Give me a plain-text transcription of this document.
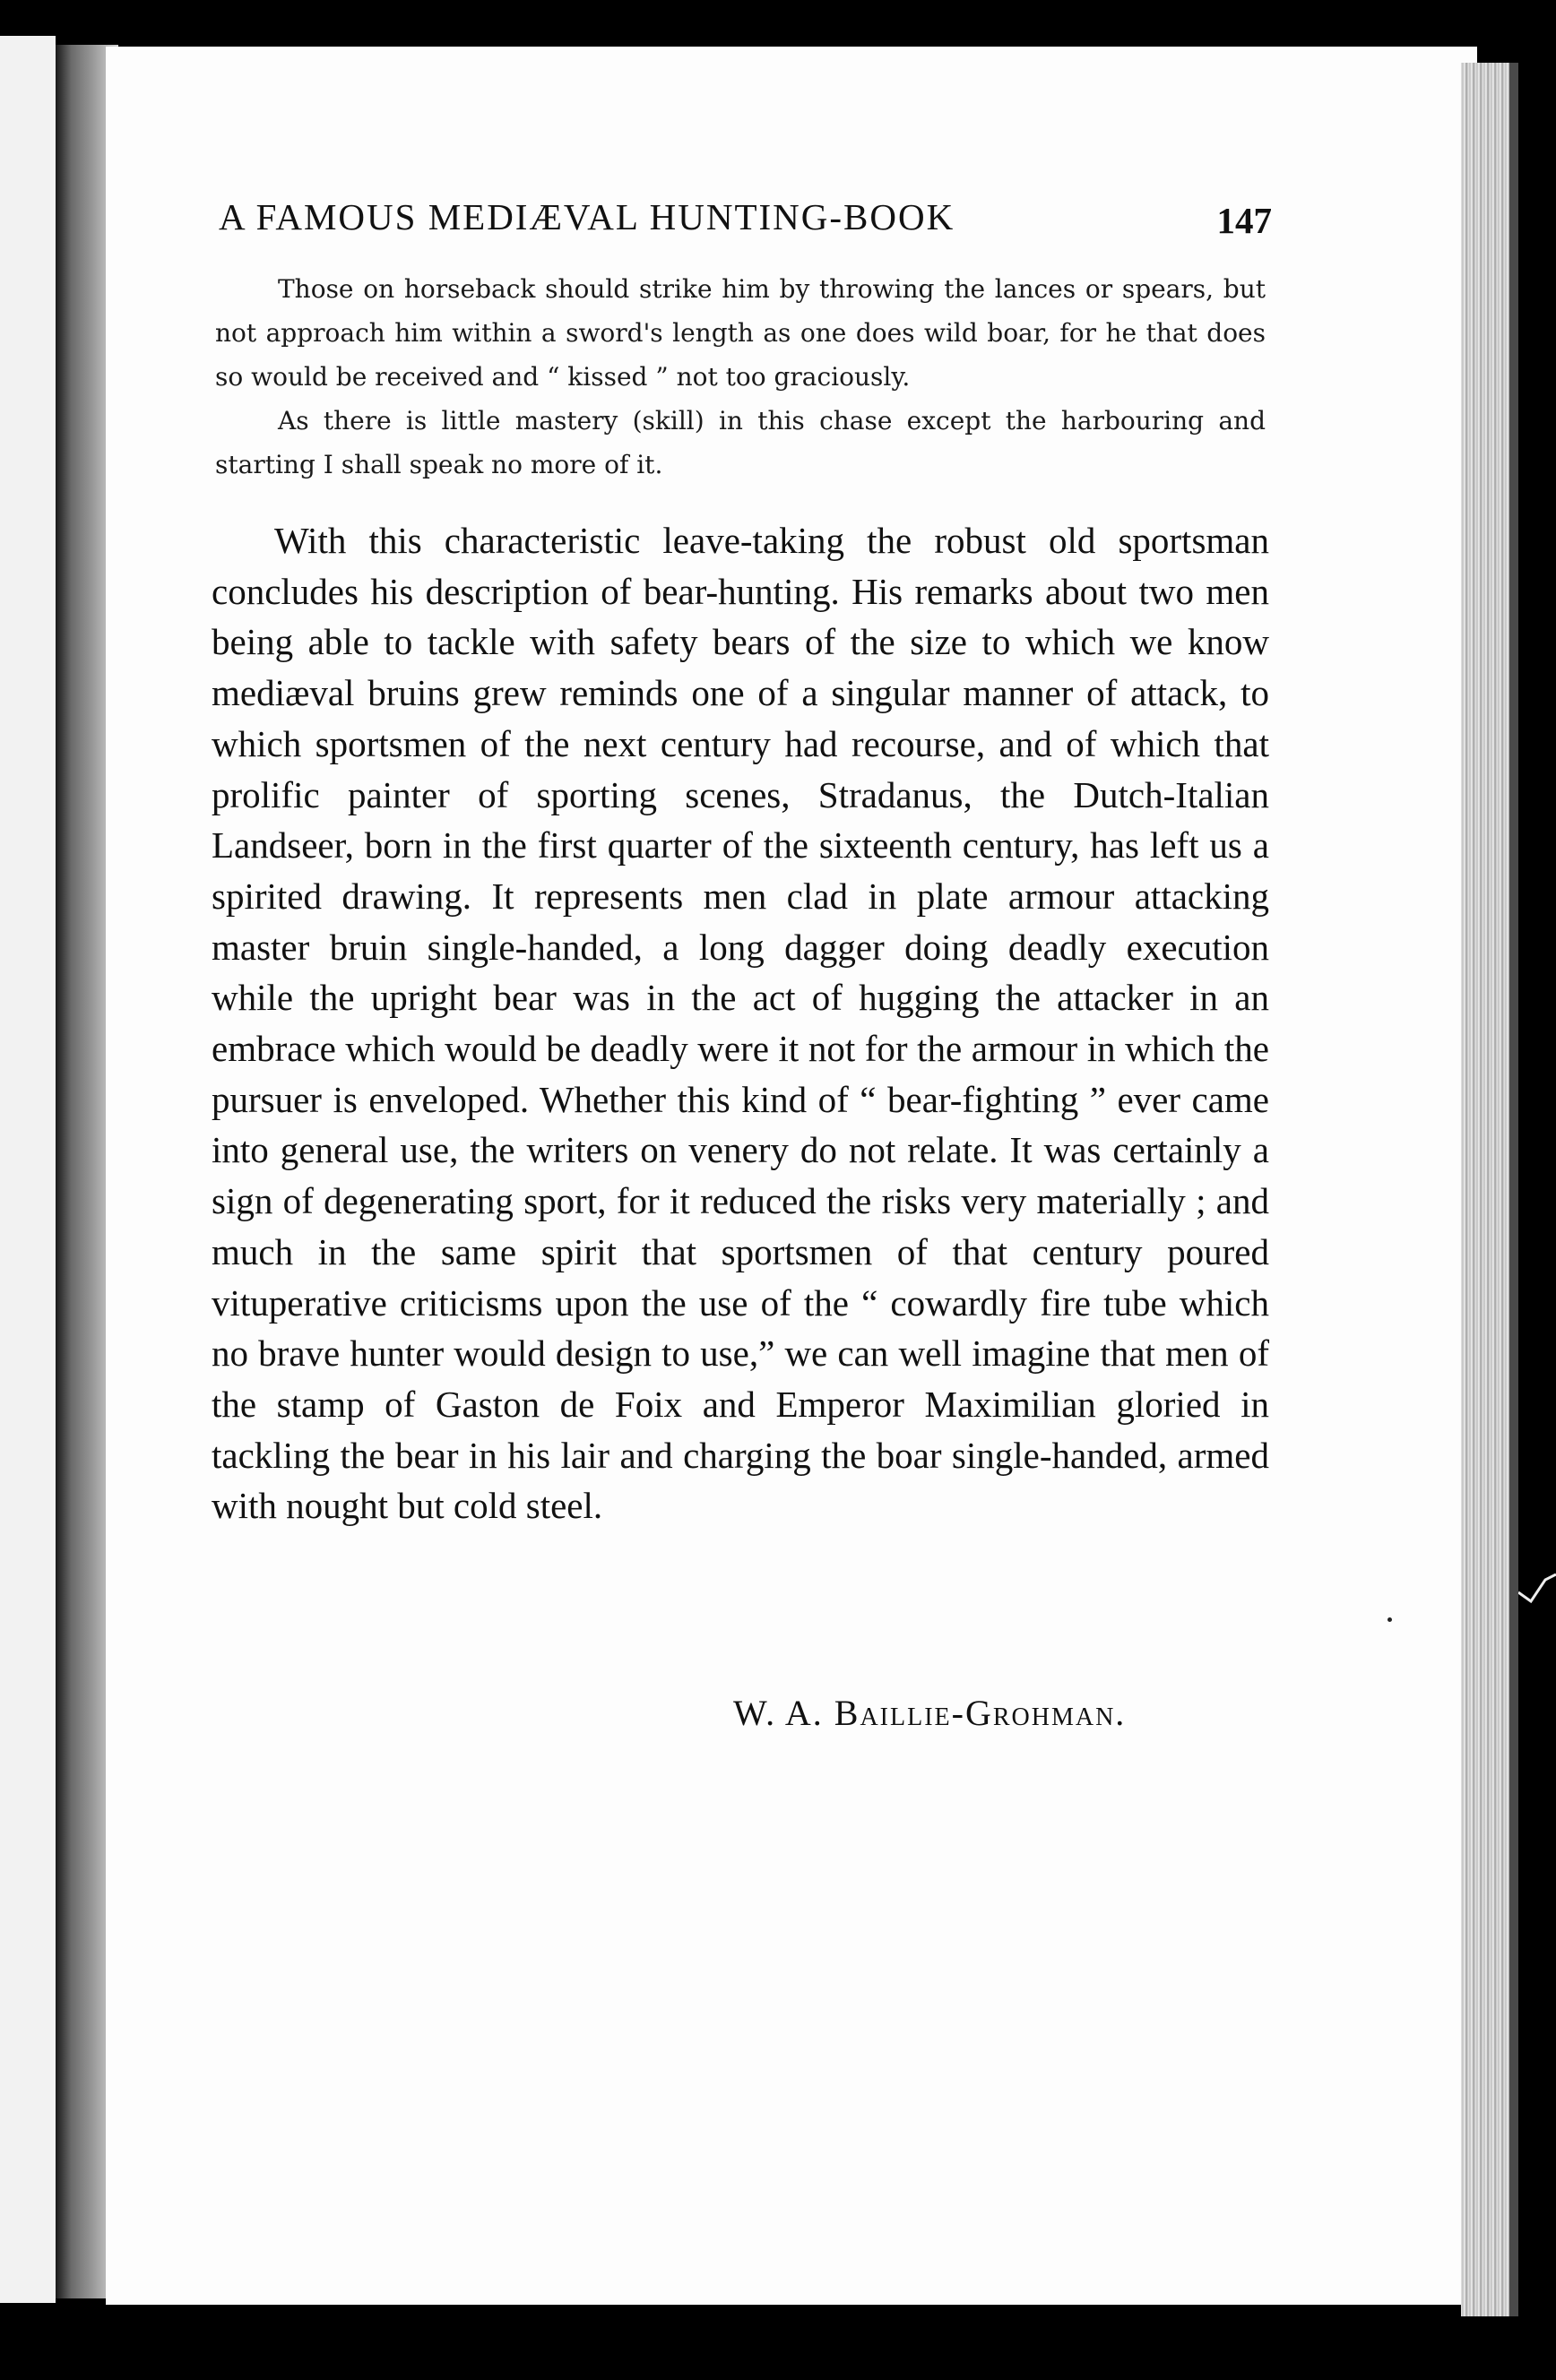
A FAMOUS MEDIÆVAL HUNTING-BOOK	147

Those on horseback should strike him by throwing the lances or spears, but not approach him within a sword's length as one does wild boar, for he that does so would be received and “ kissed ” not too graciously.

As there is little mastery (skill) in this chase except the harbouring and starting I shall speak no more of it.

With this characteristic leave-taking the robust old sportsman concludes his description of bear-hunting. His remarks about two men being able to tackle with safety bears of the size to which we know mediæval bruins grew reminds one of a singular manner of attack, to which sportsmen of the next century had recourse, and of which that prolific painter of sporting scenes, Stradanus, the Dutch-Italian Landseer, born in the first quarter of the sixteenth century, has left us a spirited drawing. It represents men clad in plate armour attacking master bruin single-handed, a long dagger doing deadly execution while the upright bear was in the act of hugging the attacker in an embrace which would be deadly were it not for the armour in which the pursuer is enveloped. Whether this kind of “ bear-fighting ” ever came into general use, the writers on venery do not relate. It was certainly a sign of degenerating sport, for it reduced the risks very materially ; and much in the same spirit that sportsmen of that century poured vituperative criticisms upon the use of the “ cowardly fire tube which no brave hunter would design to use,” we can well imagine that men of the stamp of Gaston de Foix and Emperor Maximilian gloried in tackling the bear in his lair and charging the boar single-handed, armed with nought but cold steel.

W. A. Baillie-Grohman.
